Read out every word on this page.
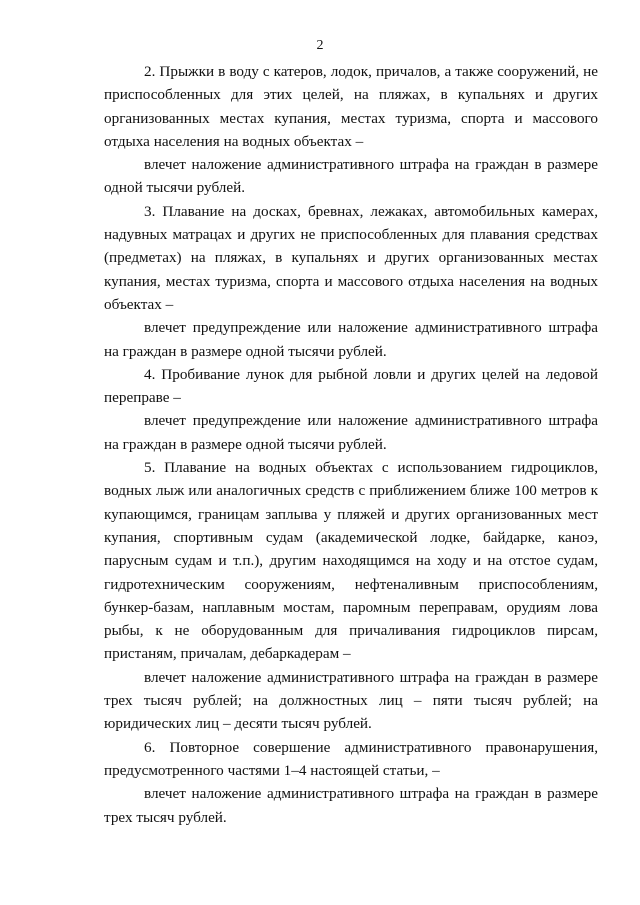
2

2. Прыжки в воду с катеров, лодок, причалов, а также сооружений, не приспособленных для этих целей, на пляжах, в купальнях и других организованных местах купания, местах туризма, спорта и массового отдыха населения на водных объектах –

влечет наложение административного штрафа на граждан в размере одной тысячи рублей.

3. Плавание на досках, бревнах, лежаках, автомобильных камерах, надувных матрацах и других не приспособленных для плавания средствах (предметах) на пляжах, в купальнях и других организованных местах купания, местах туризма, спорта и массового отдыха населения на водных объектах –

влечет предупреждение или наложение административного штрафа на граждан в размере одной тысячи рублей.

4. Пробивание лунок для рыбной ловли и других целей на ледовой переправе –

влечет предупреждение или наложение административного штрафа на граждан в размере одной тысячи рублей.

5. Плавание на водных объектах с использованием гидроциклов, водных лыж или аналогичных средств с приближением ближе 100 метров к купающимся, границам заплыва у пляжей и других организованных мест купания, спортивным судам (академической лодке, байдарке, каноэ, парусным судам и т.п.), другим находящимся на ходу и на отстое судам, гидротехническим сооружениям, нефтеналивным приспособлениям, бункер-базам, наплавным мостам, паромным переправам, орудиям лова рыбы, к не оборудованным для причаливания гидроциклов пирсам, пристаням, причалам, дебаркадерам –

влечет наложение административного штрафа на граждан в размере трех тысяч рублей; на должностных лиц – пяти тысяч рублей; на юридических лиц – десяти тысяч рублей.

6. Повторное совершение административного правонарушения, предусмотренного частями 1–4 настоящей статьи, –

влечет наложение административного штрафа на граждан в размере трех тысяч рублей.
